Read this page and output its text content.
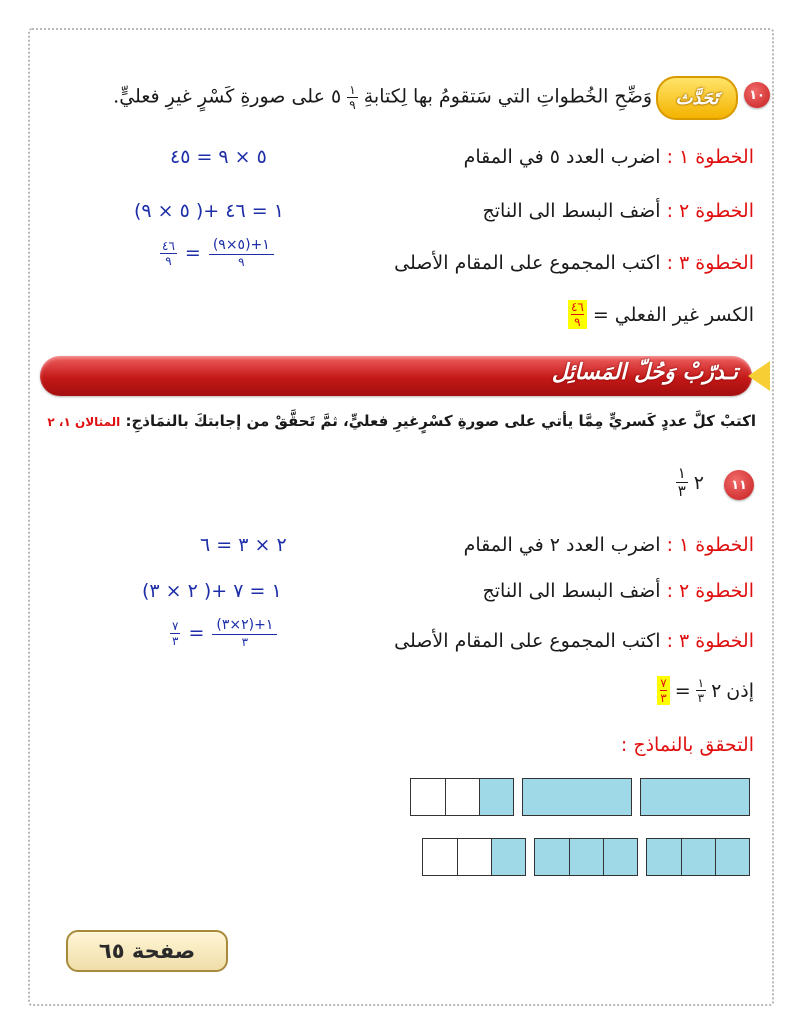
١٠
تَحَدَّث
وَضِّحِ الخُطواتِ التي سَتقومُ بها لِكتابةِ
$\frac{١}{٩}$
٥ على صورةِ كَسْرٍ غيرِ فعليٍّ.
الخطوة ١ : اضرب العدد ٥ في المقام
٥ × ٩ = ٤٥
الخطوة ٢ : أضف البسط الى الناتج
(٥ × ٩ )+ ١ = ٤٦
الخطوة ٣ : اكتب المجموع على المقام الأصلى
$\frac{٤٦}{٩} = \frac{(٥\times ٩)+١}{٩}$
الكسر غير الفعلي =
$\frac{٤٦}{٩}$
تـدرّبْ وَحُلّ المَسائِل
اكتبْ كلَّ عددٍ كَسريٍّ مِمَّا يأتي على صورةِ كسْرٍغيرِ فعليٍّ، ثمَّ تَحقَّقْ من إجابتكَ بالنمَاذجِ: المثالان ١، ٢
١١
٢
$\frac{١}{٣}$
الخطوة ١ : اضرب العدد ٢ في المقام
٢ × ٣ = ٦
الخطوة ٢ : أضف البسط الى الناتج
(٢ × ٣ )+ ١ = ٧
الخطوة ٣ : اكتب المجموع على المقام الأصلى
$\frac{٧}{٣} = \frac{(٢\times ٣)+١}{٣}$
إذن
٢
$\frac{١}{٣}$
=
$\frac{٧}{٣}$
التحقق بالنماذج :
صفحة ٦٥
